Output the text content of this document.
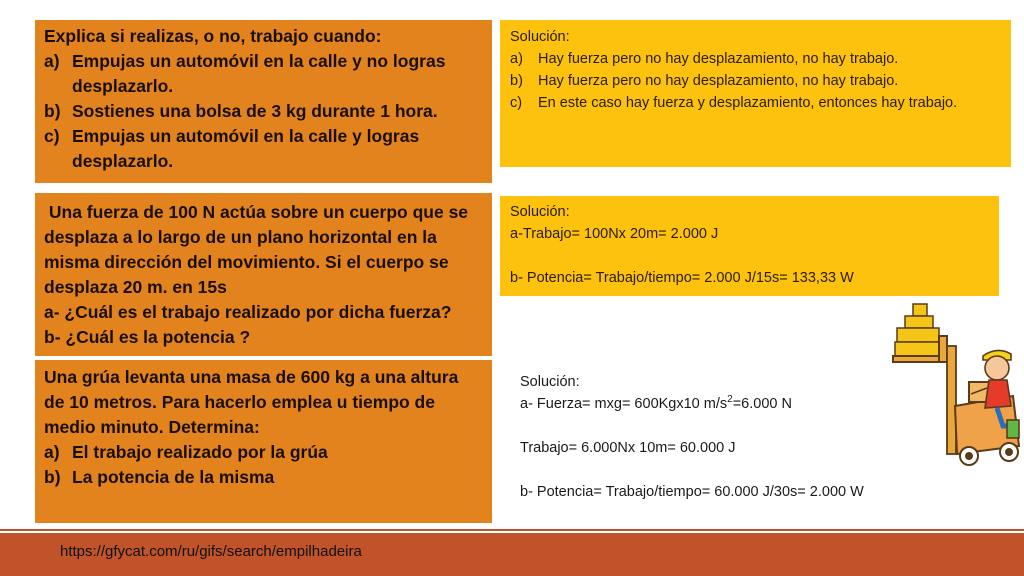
Explica si realizas, o no, trabajo cuando:
a) Empujas un automóvil en la calle y no logras desplazarlo.
b) Sostienes una bolsa de 3 kg durante 1 hora.
c) Empujas un automóvil en la calle y logras desplazarlo.
Solución:
a)	Hay fuerza pero no hay desplazamiento, no hay trabajo.
b)	Hay fuerza pero no hay desplazamiento, no hay trabajo.
c)	En este caso hay fuerza y desplazamiento, entonces hay trabajo.
Una fuerza de 100 N actúa sobre un cuerpo que se desplaza a lo largo de un plano horizontal en la misma dirección del movimiento. Si el cuerpo se desplaza 20 m. en 15s
a- ¿Cuál es el trabajo realizado por dicha fuerza?
b- ¿Cuál es la potencia ?
Solución:
a-Trabajo= 100Nx 20m= 2.000 J
b- Potencia= Trabajo/tiempo= 2.000 J/15s= 133,33 W
Una grúa levanta una masa de 600 kg a una altura de 10 metros. Para hacerlo emplea u tiempo de medio minuto. Determina:
a) El trabajo realizado por la grúa
b) La potencia de la misma
Solución:
a- Fuerza= mxg= 600Kgx10 $m/s^2=6.000$ N
Trabajo= 6.000Nx 10m= 60.000 J
b- Potencia= Trabajo/tiempo= 60.000 J/30s= 2.000 W
https://gfycat.com/ru/gifs/search/empilhadeira
